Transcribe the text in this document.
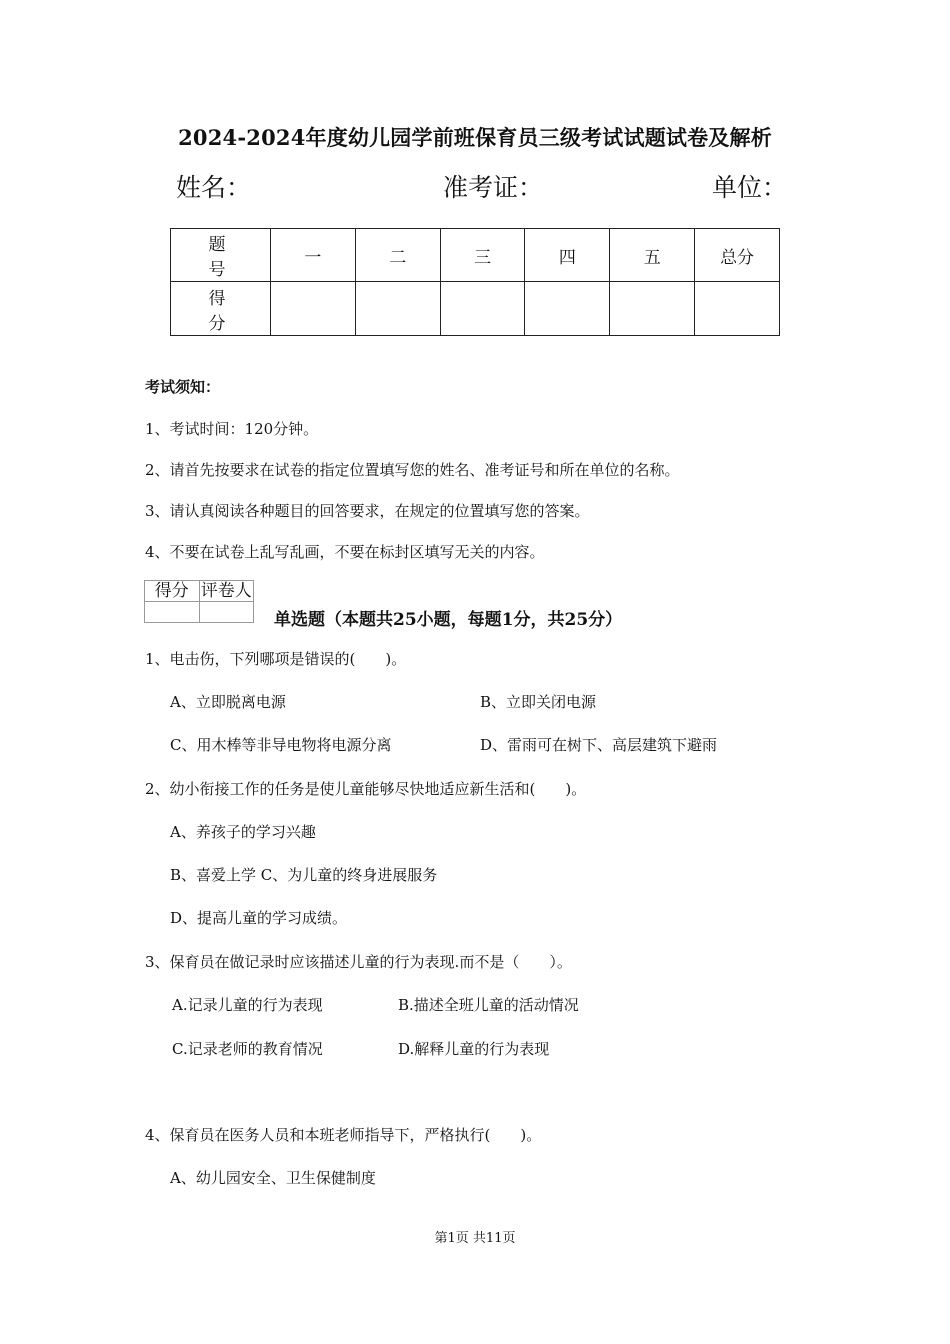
2024-2024年度幼儿园学前班保育员三级考试试题试卷及解析
姓名：	准考证：	单位：
题　号	一	二	三	四	五	总分
得　分						
考试须知：
1、考试时间：120分钟。
2、请首先按要求在试卷的指定位置填写您的姓名、准考证号和所在单位的名称。
3、请认真阅读各种题目的回答要求，在规定的位置填写您的答案。
4、不要在试卷上乱写乱画，不要在标封区填写无关的内容。
得分	评卷人

单选题（本题共25小题，每题1分，共25分）
1、电击伤，下列哪项是错误的(　　)。
A、立即脱离电源	B、立即关闭电源
C、用木棒等非导电物将电源分离	D、雷雨可在树下、高层建筑下避雨
2、幼小衔接工作的任务是使儿童能够尽快地适应新生活和(　　)。
A、养孩子的学习兴趣
B、喜爱上学 C、为儿童的终身进展服务
D、提高儿童的学习成绩。
3、保育员在做记录时应该描述儿童的行为表现.而不是（　　）。
A.记录儿童的行为表现	B.描述全班儿童的活动情况
C.记录老师的教育情况	D.解释儿童的行为表现
4、保育员在医务人员和本班老师指导下，严格执行(　　)。
A、幼儿园安全、卫生保健制度
第1页 共11页
